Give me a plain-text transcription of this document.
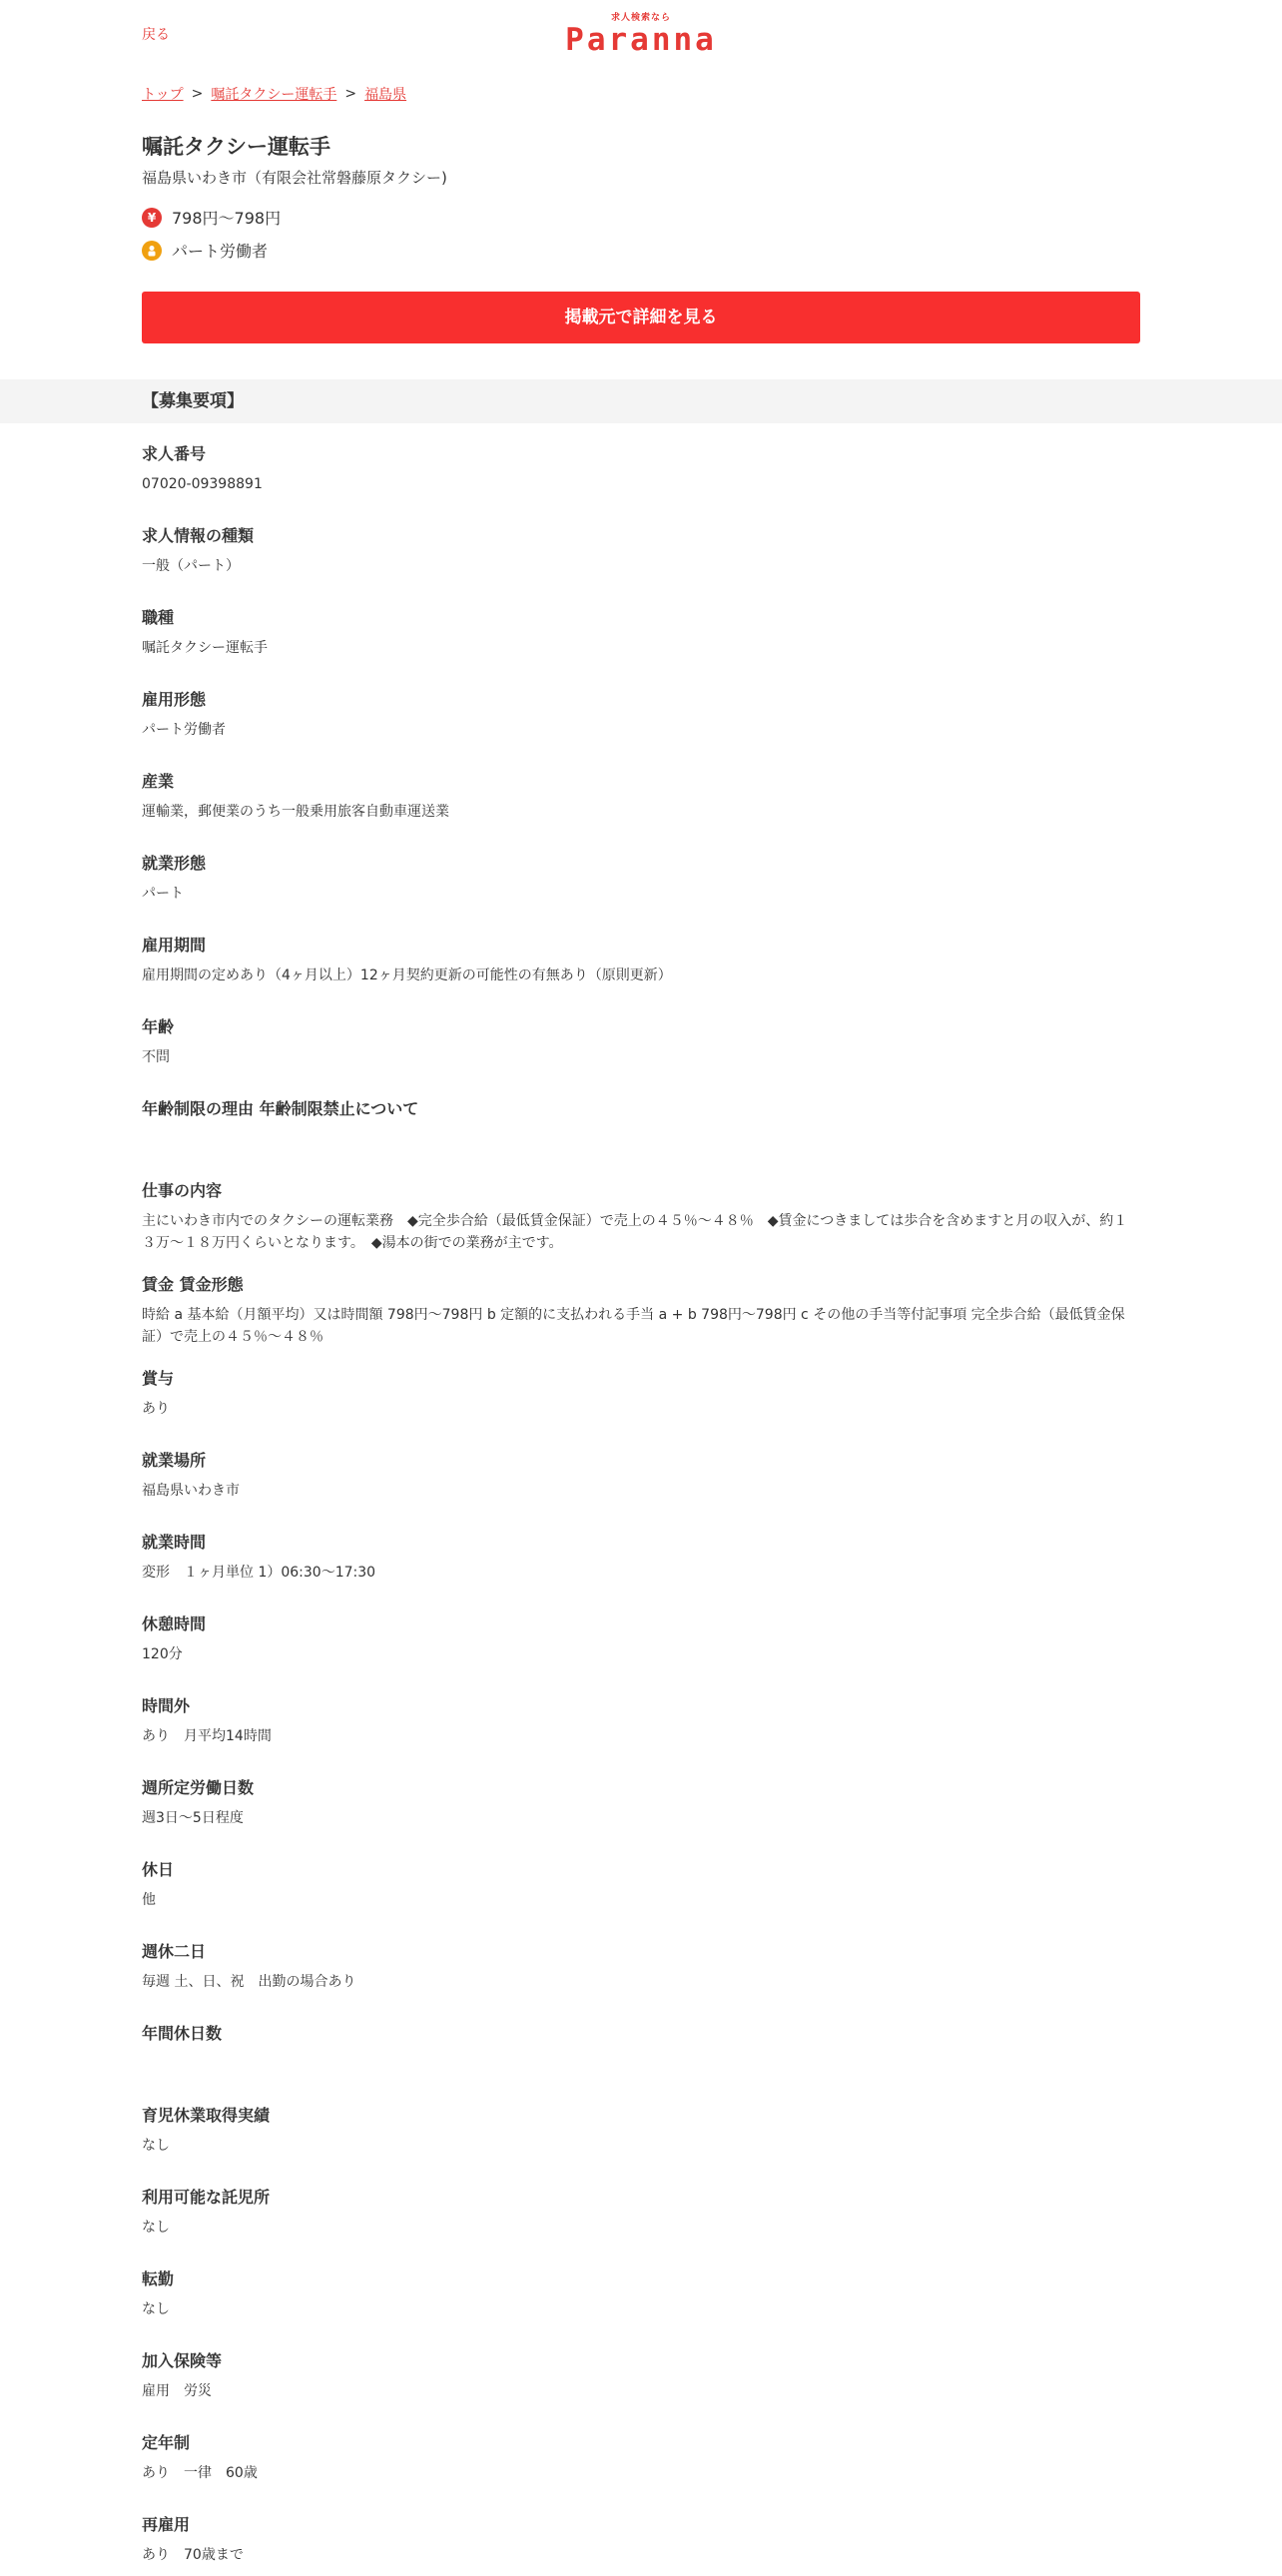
戻る
求人検索なら
Paranna
トップ > 嘱託タクシー運転手 > 福島県
嘱託タクシー運転手
福島県いわき市（有限会社常磐藤原タクシー)
¥ 798円～798円
パート労働者
掲載元で詳細を見る
【募集要項】
求人番号
07020-09398891
求人情報の種類
一般（パート）
職種
嘱託タクシー運転手
雇用形態
パート労働者
産業
運輸業，郵便業のうち一般乗用旅客自動車運送業
就業形態
パート
雇用期間
雇用期間の定めあり（4ヶ月以上）12ヶ月契約更新の可能性の有無あり（原則更新）
年齢
不問
年齢制限の理由 年齢制限禁止について
仕事の内容
主にいわき市内でのタクシーの運転業務　◆完全歩合給（最低賃金保証）で売上の４５％～４８％　◆賃金につきましては歩合を含めますと月の収入が、約１３万～１８万円くらいとなります。　◆湯本の街での業務が主です。
賃金 賃金形態
時給 a 基本給（月額平均）又は時間額 798円～798円 b 定額的に支払われる手当 a + b 798円～798円 c その他の手当等付記事項 完全歩合給（最低賃金保証）で売上の４５％～４８％
賞与
あり
就業場所
福島県いわき市
就業時間
変形　１ヶ月単位 1）06:30～17:30
休憩時間
120分
時間外
あり　月平均14時間
週所定労働日数
週3日～5日程度
休日
他
週休二日
毎週 土、日、祝　出勤の場合あり
年間休日数
育児休業取得実績
なし
利用可能な託児所
なし
転勤
なし
加入保険等
雇用　労災
定年制
あり　一律　60歳
再雇用
あり　70歳まで
